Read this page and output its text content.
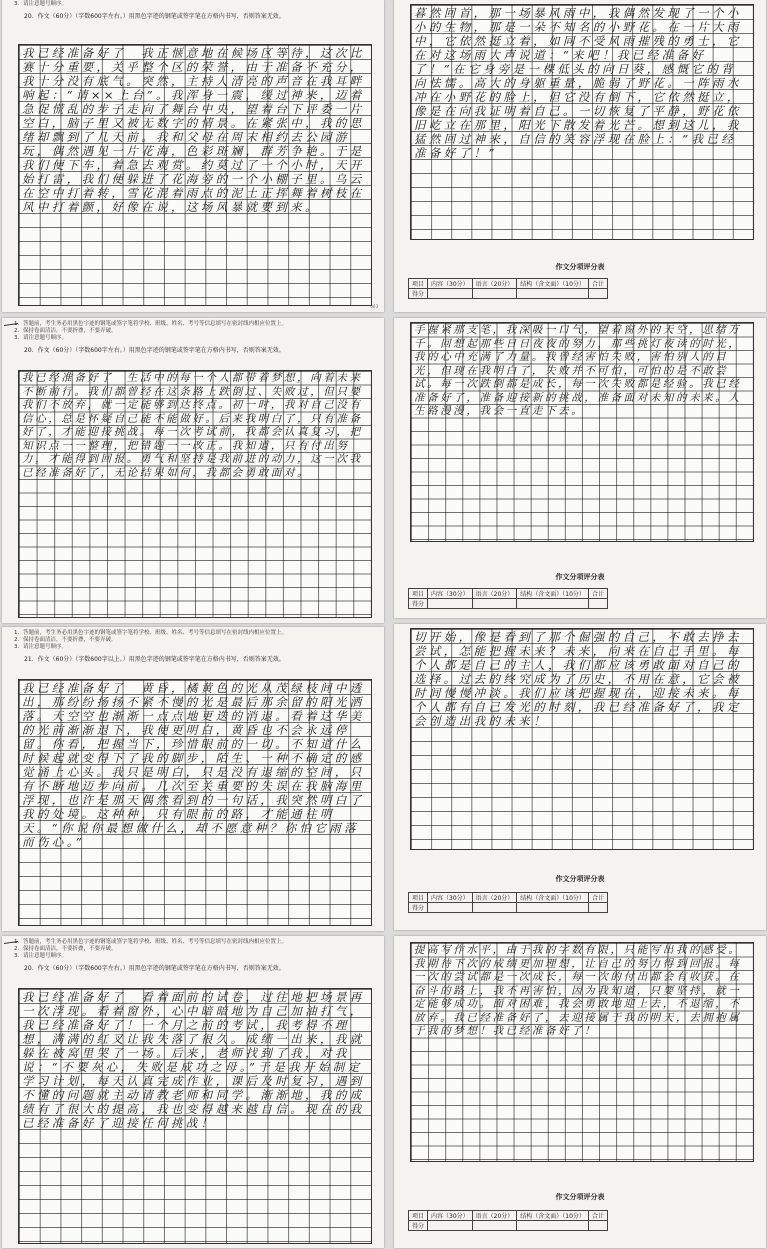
3．请注意题号顺序。
20．作文（60分）（字数600字左右。）用黑色字迹的钢笔或签字笔在方格内书写，否则答案无效。
我已经准备好了　我正惬意地在候场区等待，这次比赛十分重要，关乎整个区的荣誉，由于准备不充分，我十分没有底气。突然，主持人清亮的声音在我耳畔响起：“请××上台”。我浑身一震，缓过神来，迈着急促慌乱的步子走向了舞台中央，望着台下评委一片空白，脑子里又被无数字的情景。在紧张中，我的思绪却飘到了几天前。我和父母在周末相约去公园游玩，偶然遇见一片花海，色彩斑斓，群芳争艳。于是我们便下车，着急去观赏。约莫过了一个小时，天开始打雷，我们便躲进了花海旁的一个小棚子里。乌云在空中打着转，雪花混着雨点的泥土正挥舞着树枝在风中打着颤，好像在说，这场风暴就要到来。
003
1．答题前，考生务必用黑色字迹的钢笔或签字笔将学校、班级、姓名、考号等信息填写在密封线内相应位置上。
2．保持卷面清洁，不要折叠，不要弄破。
3．请注意题号顺序。
20．作文（60分）（字数600字左右。）用黑色字迹的钢笔或签字笔在方格内书写，否则答案无效。
我已经准备好了　生活中的每一个人都带着梦想，向着未来不断前行。我们都曾经在这条路上跌倒过、失败过，但只要我们不放弃，就一定能够到达终点。初一时，我对自己没有信心，总是怀疑自己能不能做好。后来我明白了，只有准备好了，才能迎接挑战。每一次考试前，我都会认真复习，把知识点一一整理，把错题一一改正。我知道，只有付出努力，才能得到回报。勇气和坚持是我前进的动力，这一次我已经准备好了，无论结果如何，我都会勇敢面对。
1．答题前，考生务必用黑色字迹的钢笔或签字笔将学校、班级、姓名、考号等信息填写在密封线内相应位置上。
2．保持卷面清洁，不要折叠，不要弄破。
3．请注意题号顺序。
21．作文（60分）（字数600字以上。）用黑色字迹的钢笔或签字笔在方格内书写，否则答案无效。
我已经准备好了　黄昏，橘黄色的光从茂绿枝间中透出，那纷纷扬扬不紧不慢的光是最后那余留的阳光洒落。天空空也渐渐一点点地更迭的消退。看着这华美的光前渐渐退下，我便更明白，黄昏也不会永远停留。你看，把握当下，珍惜眼前的一切。不知道什么时候起就变得下了我的脚步，陌生、一种不确定的感觉涌上心头。我只是明白，只是没有退缩的空间，只有不断地迈步向前。几次至关重要的失误在我脑海里浮现，也许是那天偶然看到的一句话，我突然明白了我的处境。这种种，只有眼前的路，才能通往明天。“你说你最想做什么，却不愿意种？你怕它雨落而伤心。”
1．答题前，考生务必用黑色字迹的钢笔或签字笔将学校、班级、姓名、考号等信息填写在密封线内相应位置上。
2．保持卷面清洁，不要折叠，不要弄破。
3．请注意题号顺序。
20．作文（60分）（字数600字左右。）用黑色字迹的钢笔或签字笔在方格内书写，否则答案无效。
我已经准备好了　看着面前的试卷，过往地把场景再一次浮现。看着窗外，心中暗暗地为自己加油打气，我已经准备好了！一个月之前的考试，我考得不理想，满满的红叉让我失落了很久。成绩一出来，我就躲在被窝里哭了一场。后来，老师找到了我，对我说：“不要灰心，失败是成功之母。”于是我开始制定学习计划，每天认真完成作业，课后及时复习，遇到不懂的问题就主动请教老师和同学。渐渐地，我的成绩有了很大的提高，我也变得越来越自信。现在的我已经准备好了迎接任何挑战！
暮然回首，那一场暴风雨中，我偶然发现了一个小小的生物，那是一朵不知名的小野花。在一片大雨中，它依然挺立着，如同不受风雨摧残的勇士，它在对这场雨大声说道：“来吧！我已经准备好了！”在它身旁是一棵低头的向日葵，感慨它的背向怯懦。高大的身躯重量，脆弱了野花。一阵雨水冲在小野花的脸上，但它没有倒下，它依然挺立，像是在向我证明着自己。一切恢复了平静，野花依旧屹立在那里，阳光下散发着光芒。想到这儿，我猛然回过神来，自信的笑容浮现在脸上：“我已经准备好了！”
作文分项评分表
项目	内容（30分）	语言（20分）	结构（含文面）（10分）	合计
得分				
手握紧那支笔，我深吸一口气，望着窗外的天空，思绪万千。回想起那些日日夜夜的努力，那些挑灯夜读的时光，我的心中充满了力量。我曾经害怕失败，害怕别人的目光，但现在我明白了，失败并不可怕，可怕的是不敢尝试。每一次跌倒都是成长，每一次失败都是经验。我已经准备好了，准备迎接新的挑战，准备面对未知的未来。人生路漫漫，我会一直走下去。
作文分项评分表
项目	内容（30分）	语言（20分）	结构（含文面）（10分）	合计
得分				
切开始，像是看到了那个倔强的自己，不敢去挣去尝试，怎能把握未来？未来，向来在自己手里。每个人都是自己的主人，我们都应该勇敢面对自己的选择。过去的终究成为了历史，不用在意，它会被时间慢慢冲淡。我们应该把握现在，迎接未来。每个人都有自己发光的时刻，我已经准备好了，我定会创造出我的未来！
作文分项评分表
项目	内容（30分）	语言（20分）	结构（含文面）（10分）	合计
得分				
提高写作水平，由于我的字数有限，只能写出我的感受。我期待下次的成绩更加理想，让自己的努力得到回报。每一次的尝试都是一次成长，每一次的付出都会有收获。在奋斗的路上，我不再害怕，因为我知道，只要坚持，就一定能够成功。面对困难，我会勇敢地迎上去，不退缩，不放弃。我已经准备好了，去迎接属于我的明天，去拥抱属于我的梦想！我已经准备好了！
作文分项评分表
项目	内容（30分）	语言（20分）	结构（含文面）（10分）	合计
得分				
